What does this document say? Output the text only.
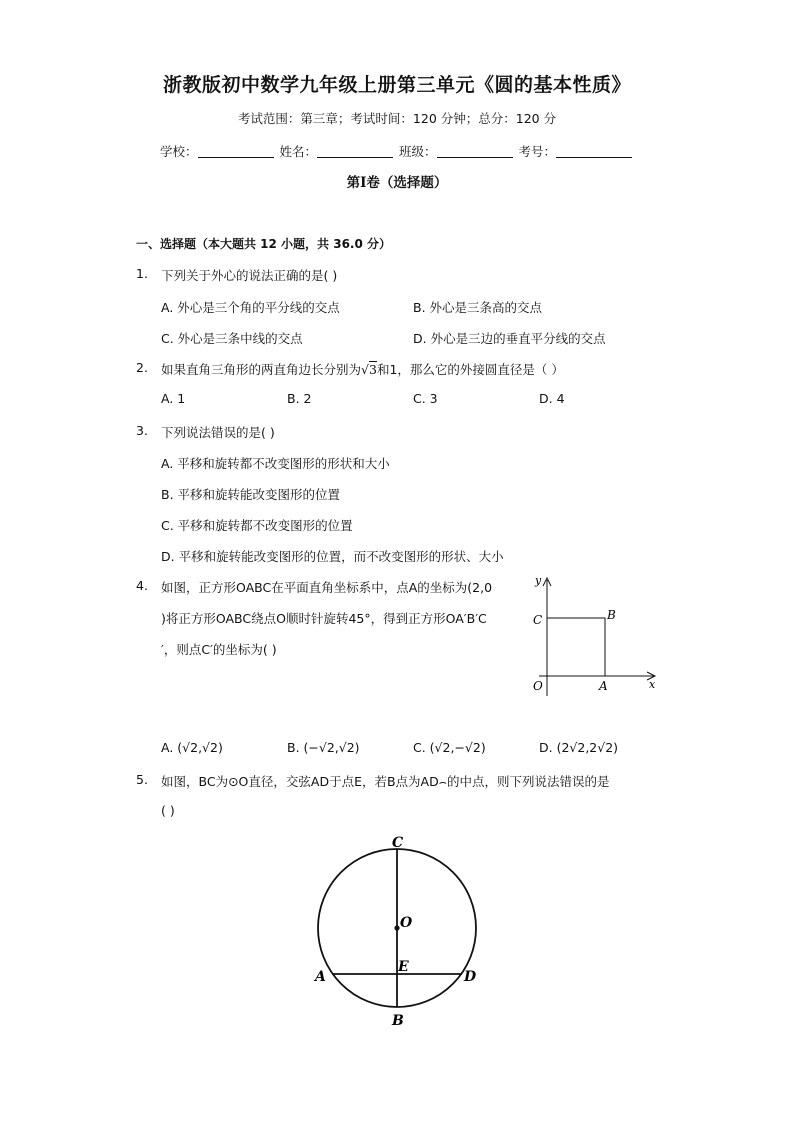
浙教版初中数学九年级上册第三单元《圆的基本性质》
考试范围：第三章；考试时间：120 分钟；总分：120 分
学校：	姓名：	班级：	考号：
第I卷（选择题）
一、选择题（本大题共 12 小题，共 36.0 分）
1. 下列关于外心的说法正确的是( )
A. 外心是三个角的平分线的交点	B. 外心是三条高的交点
C. 外心是三条中线的交点	D. 外心是三边的垂直平分线的交点
2. 如果直角三角形的两直角边长分别为√3和1，那么它的外接圆直径是（ ）
A. 1	B. 2	C. 3	D. 4
3. 下列说法错误的是( )
A. 平移和旋转都不改变图形的形状和大小
B. 平移和旋转能改变图形的位置
C. 平移和旋转都不改变图形的位置
D. 平移和旋转能改变图形的位置，而不改变图形的形状、大小
4. 如图，正方形OABC在平面直角坐标系中，点A的坐标为(2,0
)将正方形OABC绕点O顺时针旋转45°，得到正方形OA′B′C
′，则点C′的坐标为( )
y
x
O	A
B
C
A. (√2,√2)	B. (−√2,√2)	C. (√2,−√2)	D. (2√2,2√2)
5. 如图，BC为⊙O直径，交弦AD于点E，若B点为AD⌢的中点，则下列说法错误的是
( )
C
O
A
E
D
B
